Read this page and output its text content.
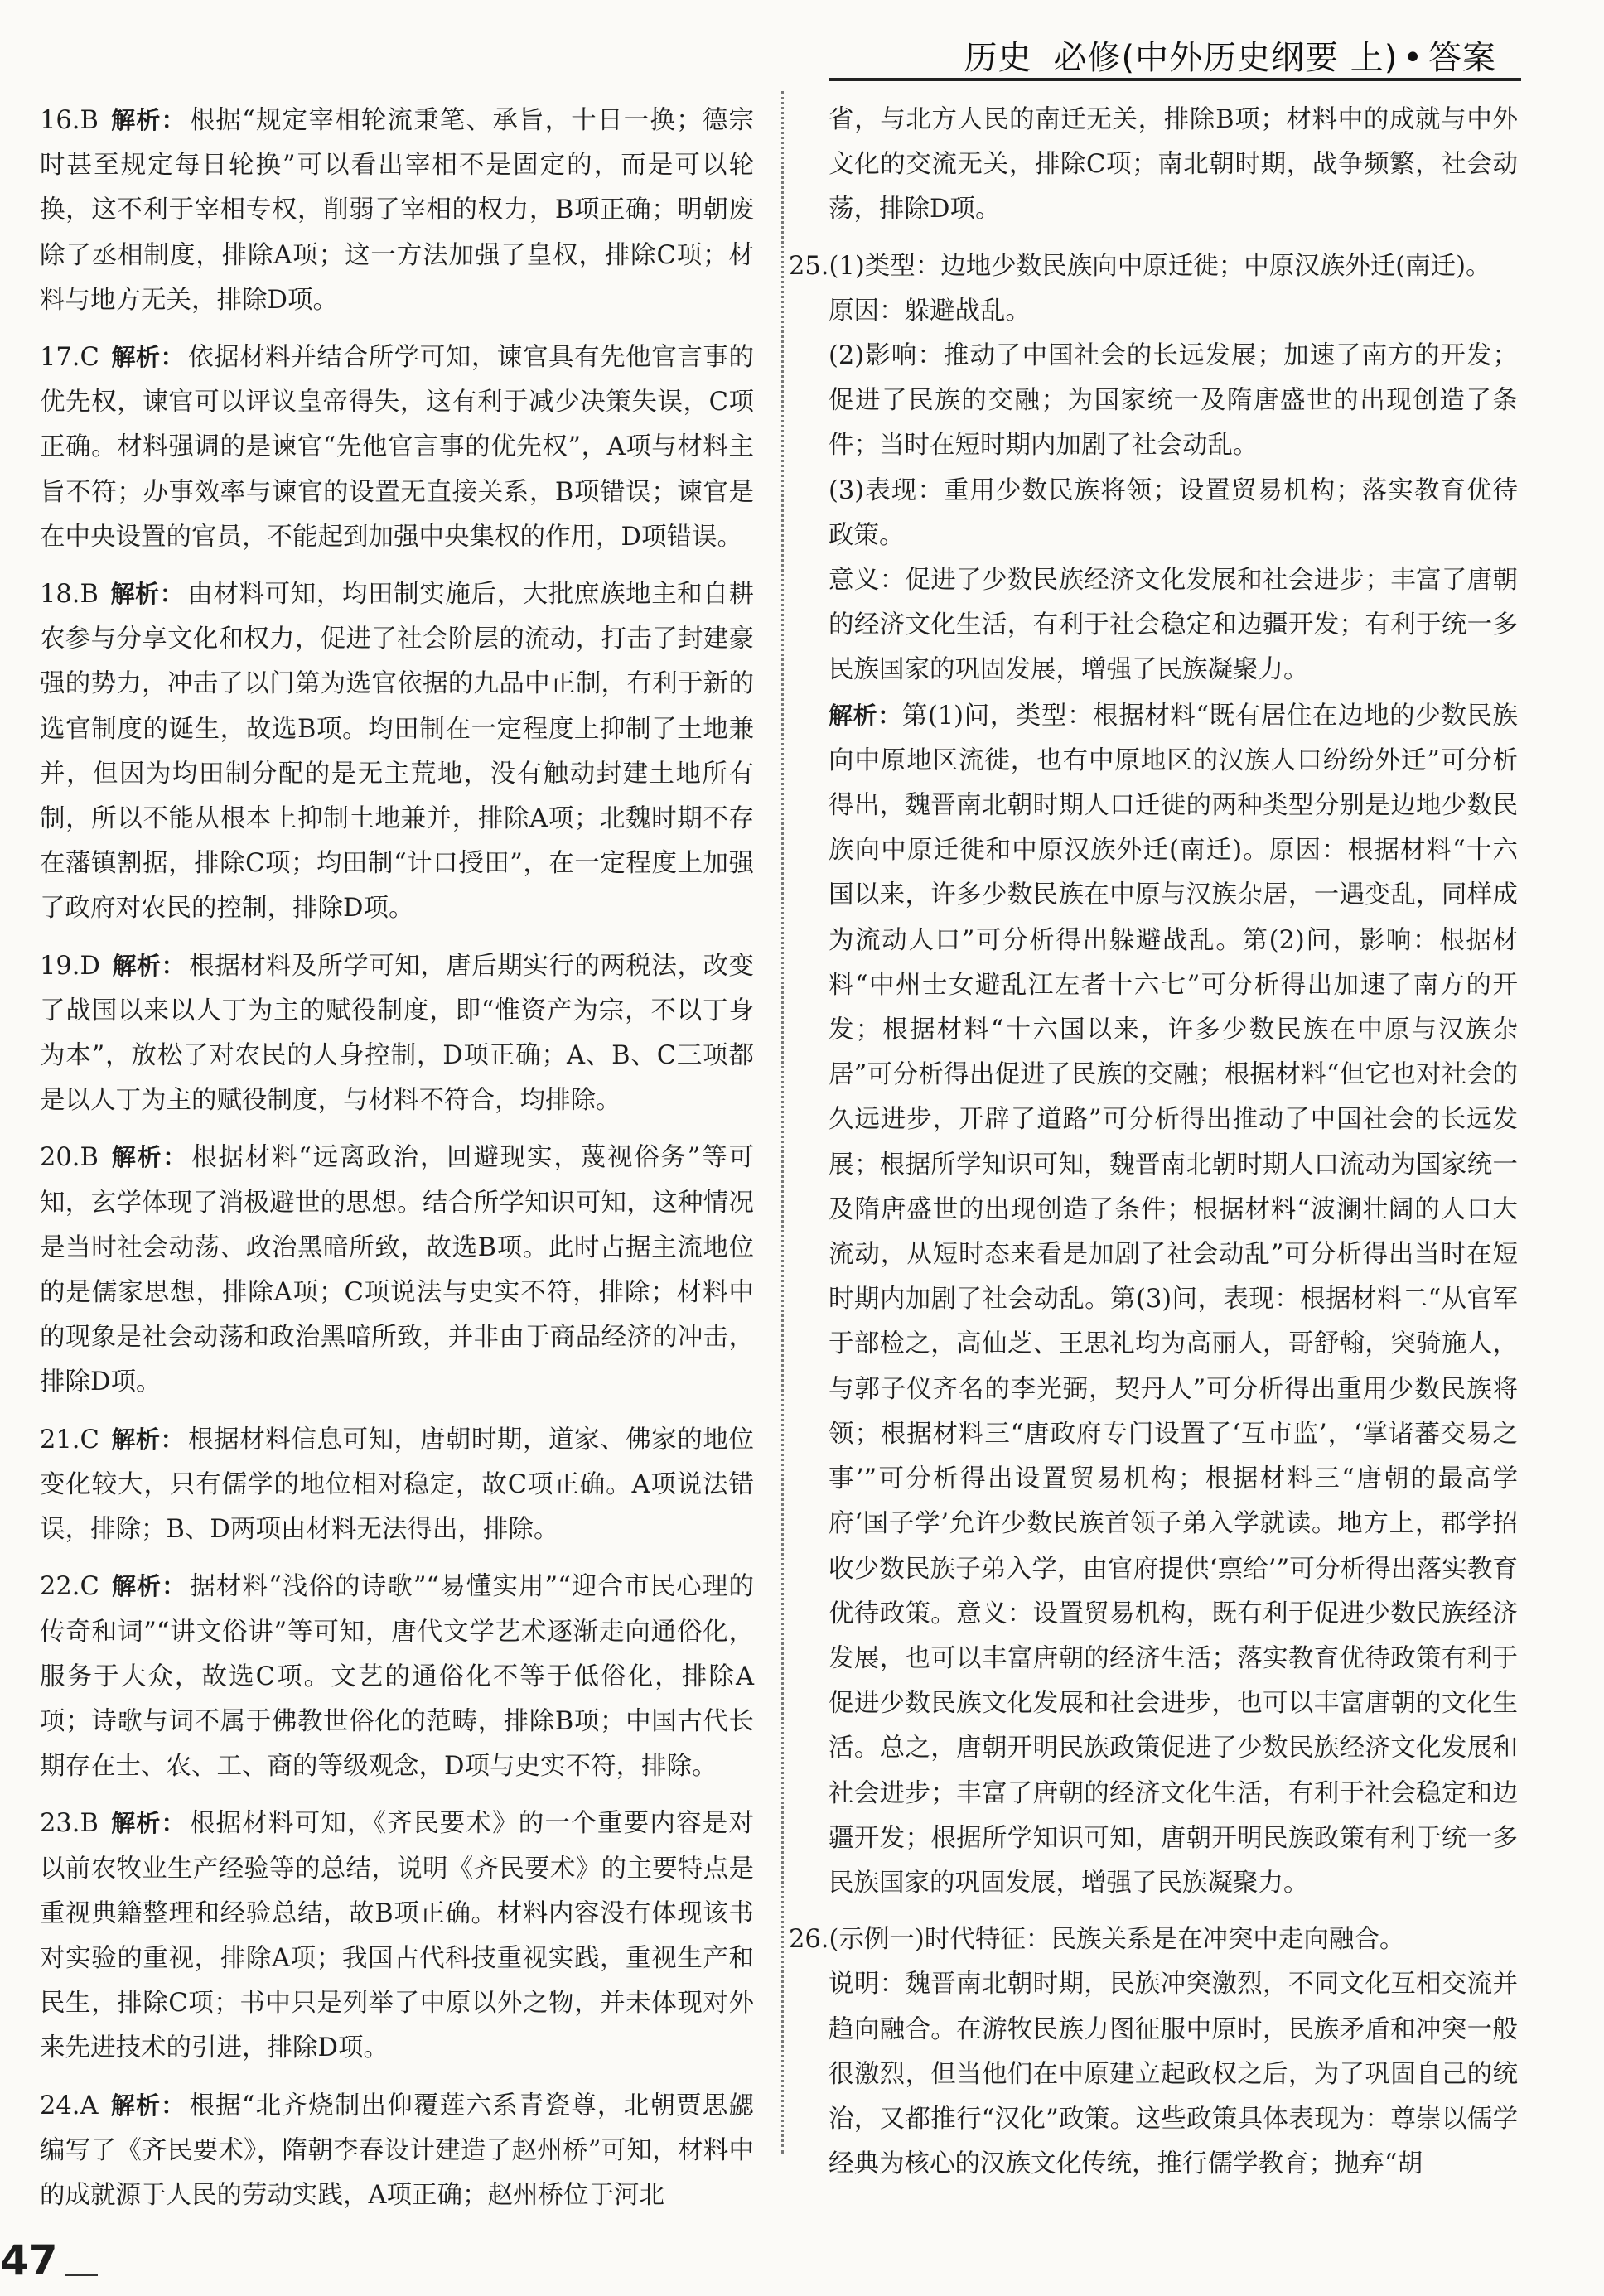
历史 必修(中外历史纲要 上) • 答案
16.B 解析： 根据“规定宰相轮流秉笔、承旨，十日一换；德宗时甚至规定每日轮换”可以看出宰相不是固定的，而是可以轮换，这不利于宰相专权，削弱了宰相的权力，B项正确；明朝废除了丞相制度，排除A项；这一方法加强了皇权，排除C项；材料与地方无关，排除D项。
17.C 解析： 依据材料并结合所学可知，谏官具有先他官言事的优先权，谏官可以评议皇帝得失，这有利于减少决策失误，C项正确。材料强调的是谏官“先他官言事的优先权”，A项与材料主旨不符；办事效率与谏官的设置无直接关系，B项错误；谏官是在中央设置的官员，不能起到加强中央集权的作用，D项错误。
18.B 解析： 由材料可知，均田制实施后，大批庶族地主和自耕农参与分享文化和权力，促进了社会阶层的流动，打击了封建豪强的势力，冲击了以门第为选官依据的九品中正制，有利于新的选官制度的诞生，故选B项。均田制在一定程度上抑制了土地兼并，但因为均田制分配的是无主荒地，没有触动封建土地所有制，所以不能从根本上抑制土地兼并，排除A项；北魏时期不存在藩镇割据，排除C项；均田制“计口授田”，在一定程度上加强了政府对农民的控制，排除D项。
19.D 解析： 根据材料及所学可知，唐后期实行的两税法，改变了战国以来以人丁为主的赋役制度，即“惟资产为宗，不以丁身为本”，放松了对农民的人身控制，D项正确；A、B、C三项都是以人丁为主的赋役制度，与材料不符合，均排除。
20.B 解析： 根据材料“远离政治，回避现实，蔑视俗务”等可知，玄学体现了消极避世的思想。结合所学知识可知，这种情况是当时社会动荡、政治黑暗所致，故选B项。此时占据主流地位的是儒家思想，排除A项；C项说法与史实不符，排除；材料中的现象是社会动荡和政治黑暗所致，并非由于商品经济的冲击，排除D项。
21.C 解析： 根据材料信息可知，唐朝时期，道家、佛家的地位变化较大，只有儒学的地位相对稳定，故C项正确。A项说法错误，排除；B、D两项由材料无法得出，排除。
22.C 解析： 据材料“浅俗的诗歌”“易懂实用”“迎合市民心理的传奇和词”“讲文俗讲”等可知，唐代文学艺术逐渐走向通俗化，服务于大众，故选C项。文艺的通俗化不等于低俗化，排除A项；诗歌与词不属于佛教世俗化的范畴，排除B项；中国古代长期存在士、农、工、商的等级观念，D项与史实不符，排除。
23.B 解析： 根据材料可知，《齐民要术》的一个重要内容是对以前农牧业生产经验等的总结，说明《齐民要术》的主要特点是重视典籍整理和经验总结，故B项正确。材料内容没有体现该书对实验的重视，排除A项；我国古代科技重视实践，重视生产和民生，排除C项；书中只是列举了中原以外之物，并未体现对外来先进技术的引进，排除D项。
24.A 解析： 根据“北齐烧制出仰覆莲六系青瓷尊，北朝贾思勰编写了《齐民要术》，隋朝李春设计建造了赵州桥”可知，材料中的成就源于人民的劳动实践，A项正确；赵州桥位于河北
省，与北方人民的南迁无关，排除B项；材料中的成就与中外文化的交流无关，排除C项；南北朝时期，战争频繁，社会动荡，排除D项。
25.(1)类型：边地少数民族向中原迁徙；中原汉族外迁(南迁)。
原因：躲避战乱。
(2)影响：推动了中国社会的长远发展；加速了南方的开发；促进了民族的交融；为国家统一及隋唐盛世的出现创造了条件；当时在短时期内加剧了社会动乱。
(3)表现：重用少数民族将领；设置贸易机构；落实教育优待政策。
意义：促进了少数民族经济文化发展和社会进步；丰富了唐朝的经济文化生活，有利于社会稳定和边疆开发；有利于统一多民族国家的巩固发展，增强了民族凝聚力。
解析：第(1)问，类型：根据材料“既有居住在边地的少数民族向中原地区流徙，也有中原地区的汉族人口纷纷外迁”可分析得出，魏晋南北朝时期人口迁徙的两种类型分别是边地少数民族向中原迁徙和中原汉族外迁(南迁)。原因：根据材料“十六国以来，许多少数民族在中原与汉族杂居，一遇变乱，同样成为流动人口”可分析得出躲避战乱。第(2)问，影响：根据材料“中州士女避乱江左者十六七”可分析得出加速了南方的开发；根据材料“十六国以来，许多少数民族在中原与汉族杂居”可分析得出促进了民族的交融；根据材料“但它也对社会的久远进步，开辟了道路”可分析得出推动了中国社会的长远发展；根据所学知识可知，魏晋南北朝时期人口流动为国家统一及隋唐盛世的出现创造了条件；根据材料“波澜壮阔的人口大流动，从短时态来看是加剧了社会动乱”可分析得出当时在短时期内加剧了社会动乱。第(3)问，表现：根据材料二“从官军于部检之，高仙芝、王思礼均为高丽人，哥舒翰，突骑施人，与郭子仪齐名的李光弼，契丹人”可分析得出重用少数民族将领；根据材料三“唐政府专门设置了‘互市监’，‘掌诸蕃交易之事’”可分析得出设置贸易机构；根据材料三“唐朝的最高学府‘国子学’允许少数民族首领子弟入学就读。地方上，郡学招收少数民族子弟入学，由官府提供‘禀给’”可分析得出落实教育优待政策。意义：设置贸易机构，既有利于促进少数民族经济发展，也可以丰富唐朝的经济生活；落实教育优待政策有利于促进少数民族文化发展和社会进步，也可以丰富唐朝的文化生活。总之，唐朝开明民族政策促进了少数民族经济文化发展和社会进步；丰富了唐朝的经济文化生活，有利于社会稳定和边疆开发；根据所学知识可知，唐朝开明民族政策有利于统一多民族国家的巩固发展，增强了民族凝聚力。
26.(示例一)时代特征：民族关系是在冲突中走向融合。
说明：魏晋南北朝时期，民族冲突激烈，不同文化互相交流并趋向融合。在游牧民族力图征服中原时，民族矛盾和冲突一般很激烈，但当他们在中原建立起政权之后，为了巩固自己的统治，又都推行“汉化”政策。这些政策具体表现为：尊崇以儒学经典为核心的汉族文化传统，推行儒学教育；抛弃“胡
47
